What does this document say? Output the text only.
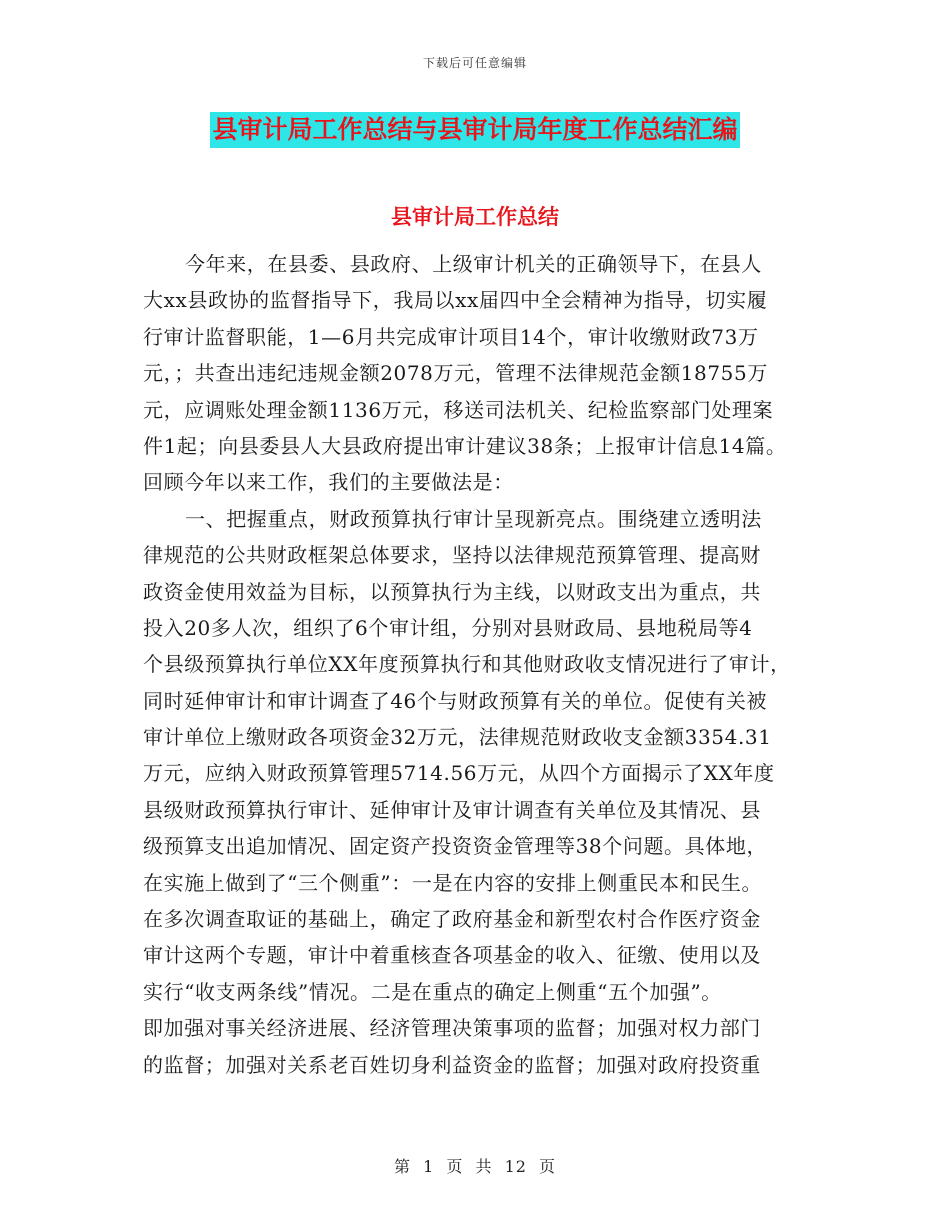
下载后可任意编辑
县审计局工作总结与县审计局年度工作总结汇编
县审计局工作总结
今年来，在县委、县政府、上级审计机关的正确领导下，在县人
大xx县政协的监督指导下，我局以xx届四中全会精神为指导，切实履
行审计监督职能，1—6月共完成审计项目14个，审计收缴财政73万
元，；共查出违纪违规金额2078万元，管理不法律规范金额18755万
元，应调账处理金额1136万元，移送司法机关、纪检监察部门处理案
件1起；向县委县人大县政府提出审计建议38条；上报审计信息14篇。
回顾今年以来工作，我们的主要做法是：
一、把握重点，财政预算执行审计呈现新亮点。围绕建立透明法
律规范的公共财政框架总体要求，坚持以法律规范预算管理、提高财
政资金使用效益为目标，以预算执行为主线，以财政支出为重点，共
投入20多人次，组织了6个审计组，分别对县财政局、县地税局等4
个县级预算执行单位XX年度预算执行和其他财政收支情况进行了审计，
同时延伸审计和审计调查了46个与财政预算有关的单位。促使有关被
审计单位上缴财政各项资金32万元，法律规范财政收支金额3354.31
万元，应纳入财政预算管理5714.56万元，从四个方面揭示了XX年度
县级财政预算执行审计、延伸审计及审计调查有关单位及其情况、县
级预算支出追加情况、固定资产投资资金管理等38个问题。具体地，
在实施上做到了“三个侧重”：一是在内容的安排上侧重民本和民生。
在多次调查取证的基础上，确定了政府基金和新型农村合作医疗资金
审计这两个专题，审计中着重核查各项基金的收入、征缴、使用以及
实行“收支两条线”情况。二是在重点的确定上侧重“五个加强”。
即加强对事关经济进展、经济管理决策事项的监督；加强对权力部门
的监督；加强对关系老百姓切身利益资金的监督；加强对政府投资重
第 1 页 共 12 页
